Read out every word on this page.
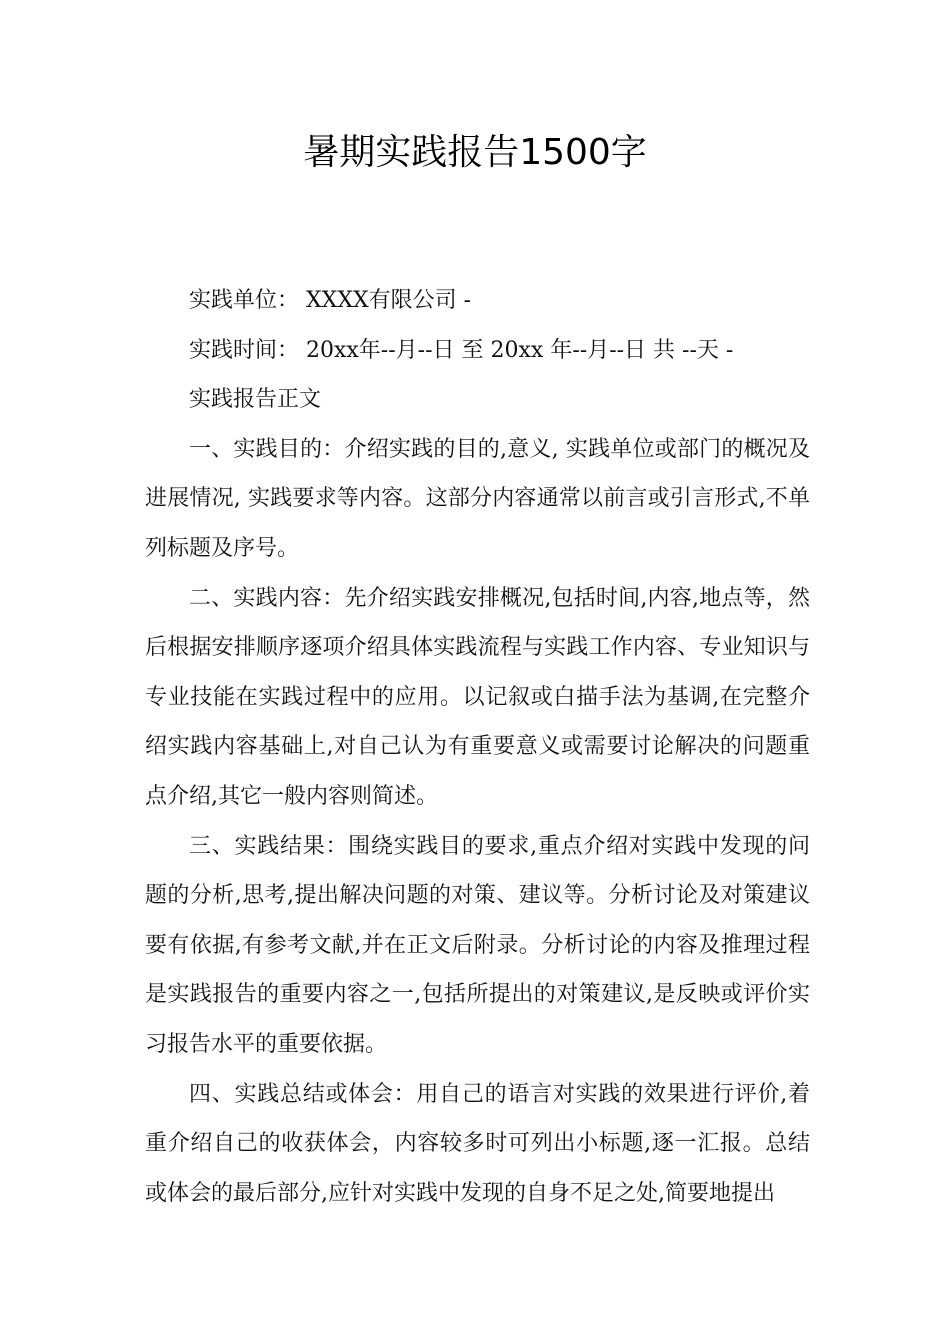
暑期实践报告1500字

实践单位： XXXX有限公司 -

实践时间： 20xx年--月--日 至 20xx 年--月--日 共 --天 -

实践报告正文

一、实践目的：介绍实践的目的,意义, 实践单位或部门的概况及进展情况, 实践要求等内容。这部分内容通常以前言或引言形式,不单列标题及序号。

二、实践内容：先介绍实践安排概况,包括时间,内容,地点等，然后根据安排顺序逐项介绍具体实践流程与实践工作内容、专业知识与专业技能在实践过程中的应用。以记叙或白描手法为基调,在完整介绍实践内容基础上,对自己认为有重要意义或需要讨论解决的问题重点介绍,其它一般内容则简述。

三、实践结果：围绕实践目的要求,重点介绍对实践中发现的问题的分析,思考,提出解决问题的对策、建议等。分析讨论及对策建议要有依据,有参考文献,并在正文后附录。分析讨论的内容及推理过程是实践报告的重要内容之一,包括所提出的对策建议,是反映或评价实习报告水平的重要依据。

四、实践总结或体会：用自己的语言对实践的效果进行评价,着重介绍自己的收获体会，内容较多时可列出小标题,逐一汇报。总结或体会的最后部分,应针对实践中发现的自身不足之处,简要地提出
